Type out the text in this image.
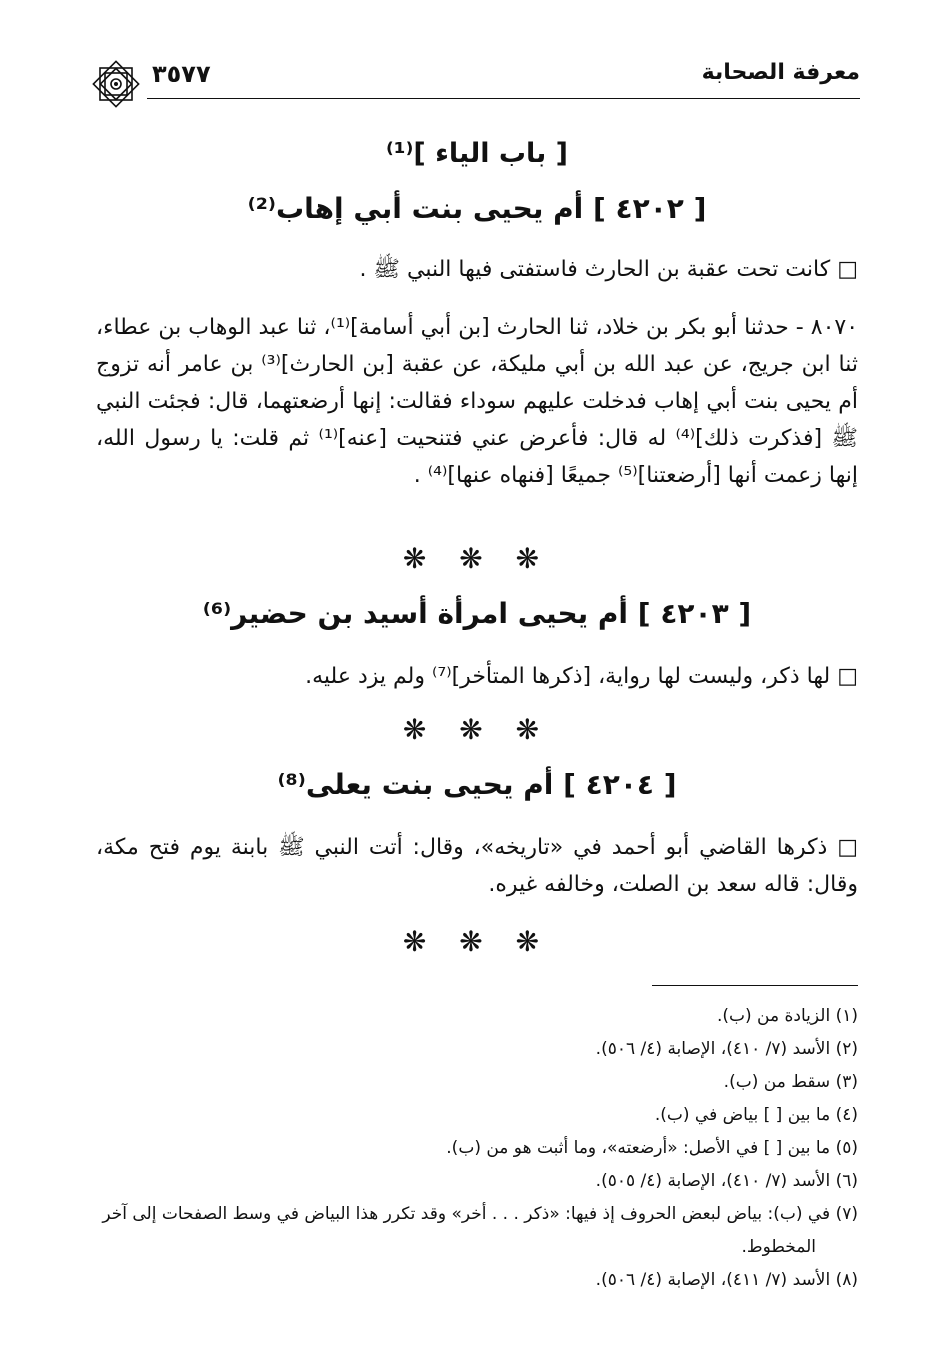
معرفة الصحابة
٣٥٧٧
[ باب الياء ]⁽¹⁾
[ ٤٢٠٢ ] أم يحيى بنت أبي إهاب⁽²⁾
□ كانت تحت عقبة بن الحارث فاستفتى فيها النبي ﷺ .
٨٠٧٠ - حدثنا أبو بكر بن خلاد، ثنا الحارث [بن أبي أسامة]⁽¹⁾، ثنا عبد الوهاب بن عطاء، ثنا ابن جريج، عن عبد الله بن أبي مليكة، عن عقبة [بن الحارث]⁽³⁾ بن عامر أنه تزوج أم يحيى بنت أبي إهاب فدخلت عليهم سوداء فقالت: إنها أرضعتهما، قال: فجئت النبي ﷺ [فذكرت ذلك]⁽⁴⁾ له قال: فأعرض عني فتنحيت [عنه]⁽¹⁾ ثم قلت: يا رسول الله، إنها زعمت أنها [أرضعتنا]⁽⁵⁾ جميعًا [فنهاه عنها]⁽⁴⁾ .
❋ ❋ ❋
[ ٤٢٠٣ ] أم يحيى امرأة أسيد بن حضير⁽⁶⁾
□ لها ذكر، وليست لها رواية، [ذكرها المتأخر]⁽⁷⁾ ولم يزد عليه.
❋ ❋ ❋
[ ٤٢٠٤ ] أم يحيى بنت يعلى⁽⁸⁾
□ ذكرها القاضي أبو أحمد في «تاريخه»، وقال: أتت النبي ﷺ بابنة يوم فتح مكة، وقال: قاله سعد بن الصلت، وخالفه غيره.
❋ ❋ ❋
(١) الزيادة من (ب).
(٢) الأسد (٧/ ٤١٠)، الإصابة (٤/ ٥٠٦).
(٣) سقط من (ب).
(٤) ما بين [ ] بياض في (ب).
(٥) ما بين [ ] في الأصل: «أرضعته»، وما أثبت هو من (ب).
(٦) الأسد (٧/ ٤١٠)، الإصابة (٤/ ٥٠٥).
(٧) في (ب): بياض لبعض الحروف إذ فيها: «ذكر . . . أخر» وقد تكرر هذا البياض في وسط الصفحات إلى آخر المخطوط.
(٨) الأسد (٧/ ٤١١)، الإصابة (٤/ ٥٠٦).
